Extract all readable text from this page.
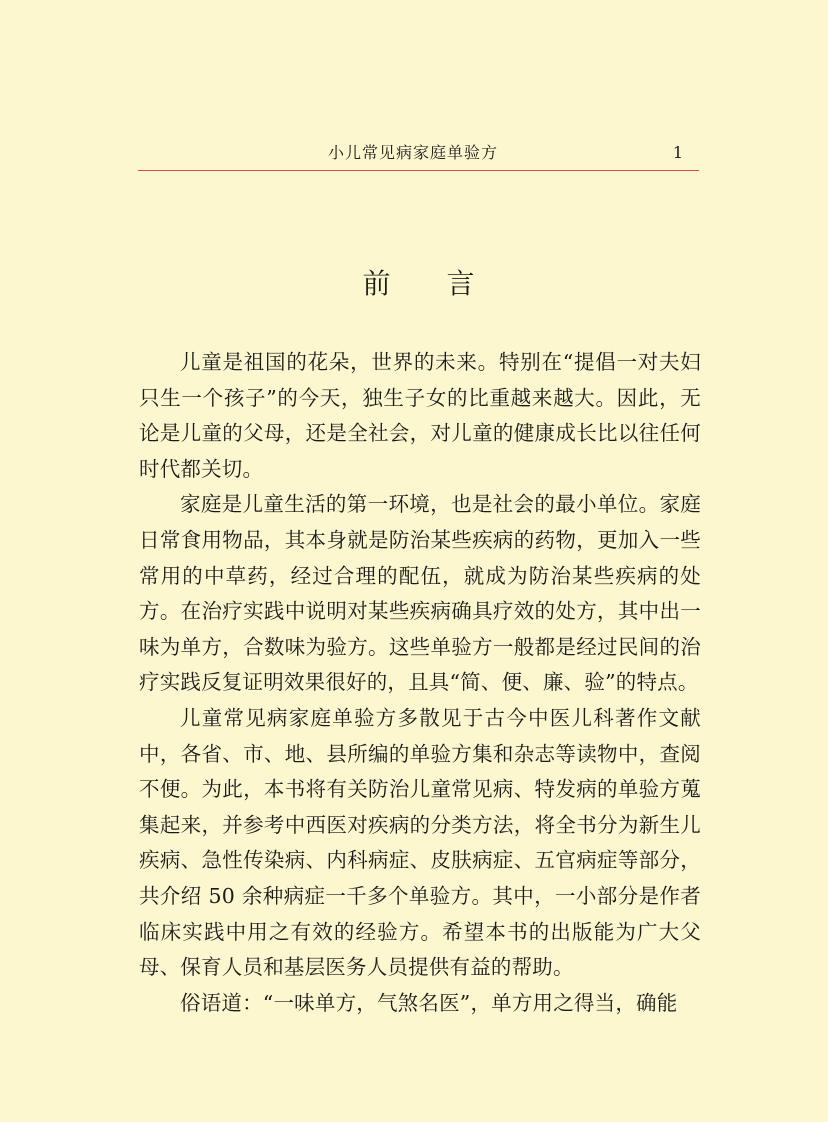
小儿常见病家庭单验方	1
前言

儿童是祖国的花朵，世界的未来。特别在“提倡一对夫妇只生一个孩子”的今天，独生子女的比重越来越大。因此，无论是儿童的父母，还是全社会，对儿童的健康成长比以往任何时代都关切。

家庭是儿童生活的第一环境，也是社会的最小单位。家庭日常食用物品，其本身就是防治某些疾病的药物，更加入一些常用的中草药，经过合理的配伍，就成为防治某些疾病的处方。在治疗实践中说明对某些疾病确具疗效的处方，其中出一味为单方，合数味为验方。这些单验方一般都是经过民间的治疗实践反复证明效果很好的，且具“简、便、廉、验”的特点。

儿童常见病家庭单验方多散见于古今中医儿科著作文献中，各省、市、地、县所编的单验方集和杂志等读物中，查阅不便。为此，本书将有关防治儿童常见病、特发病的单验方蒐集起来，并参考中西医对疾病的分类方法，将全书分为新生儿疾病、急性传染病、内科病症、皮肤病症、五官病症等部分，共介绍 50 余种病症一千多个单验方。其中，一小部分是作者临床实践中用之有效的经验方。希望本书的出版能为广大父母、保育人员和基层医务人员提供有益的帮助。

俗语道：“一味单方，气煞名医”，单方用之得当，确能
